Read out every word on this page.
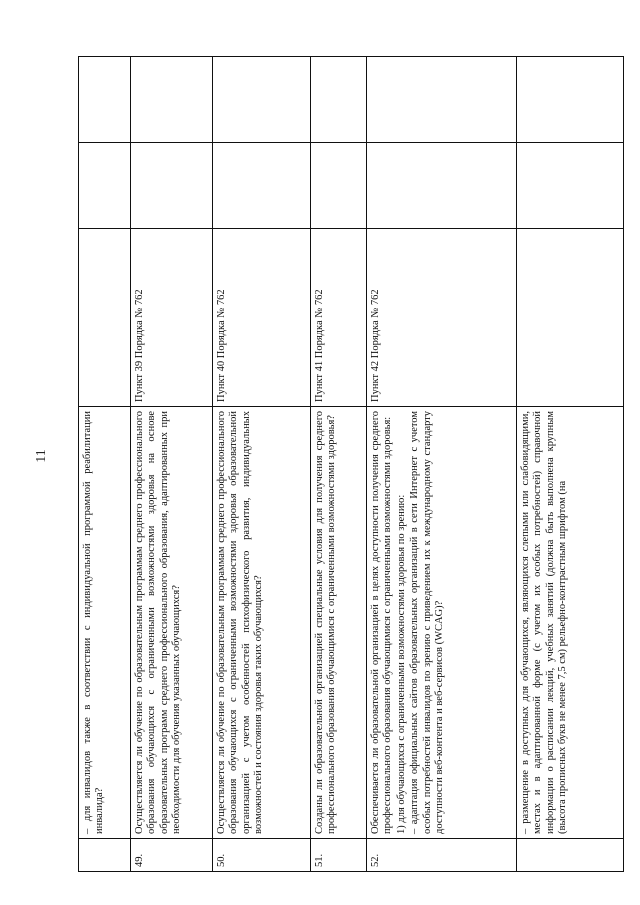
	– для инвалидов также в соответствии с индивидуальной программой реабилитации инвалида?			
49.	Осуществляется ли обучение по образовательным программам среднего профессионального образования обучающихся с ограниченными возможностями здоровья на основе образовательных программ среднего профессионального образования, адаптированных при необходимости для обучения указанных обучающихся?	Пункт 39 Порядка № 762		
50.	Осуществляется ли обучение по образовательным программам среднего профессионального образования обучающихся с ограниченными возможностями здоровья образовательной организацией с учетом особенностей психофизического развития, индивидуальных возможностей и состояния здоровья таких обучающихся?	Пункт 40 Порядка № 762		
51.	Созданы ли образовательной организацией специальные условия для получения среднего профессионального образования обучающимися с ограниченными возможностями здоровья?	Пункт 41 Порядка № 762		
52.	Обеспечивается ли образовательной организацией в целях доступности получения среднего профессионального образования обучающимися с ограниченными возможностями здоровья: 1) для обучающихся с ограниченными возможностями здоровья по зрению: – адаптация официальных сайтов образовательных организаций в сети Интернет с учетом особых потребностей инвалидов по зрению с приведением их к международному стандарту доступности веб-контента и веб-сервисов (WCAG)?	Пункт 42 Порядка № 762		
	– размещение в доступных для обучающихся, являющихся слепыми или слабовидящими, местах и в адаптированной форме (с учетом их особых потребностей) справочной информации о расписании лекций, учебных занятий (должна быть выполнена крупным (высота прописных букв не менее 7,5 см) рельефно-контрастным шрифтом (на			
11
